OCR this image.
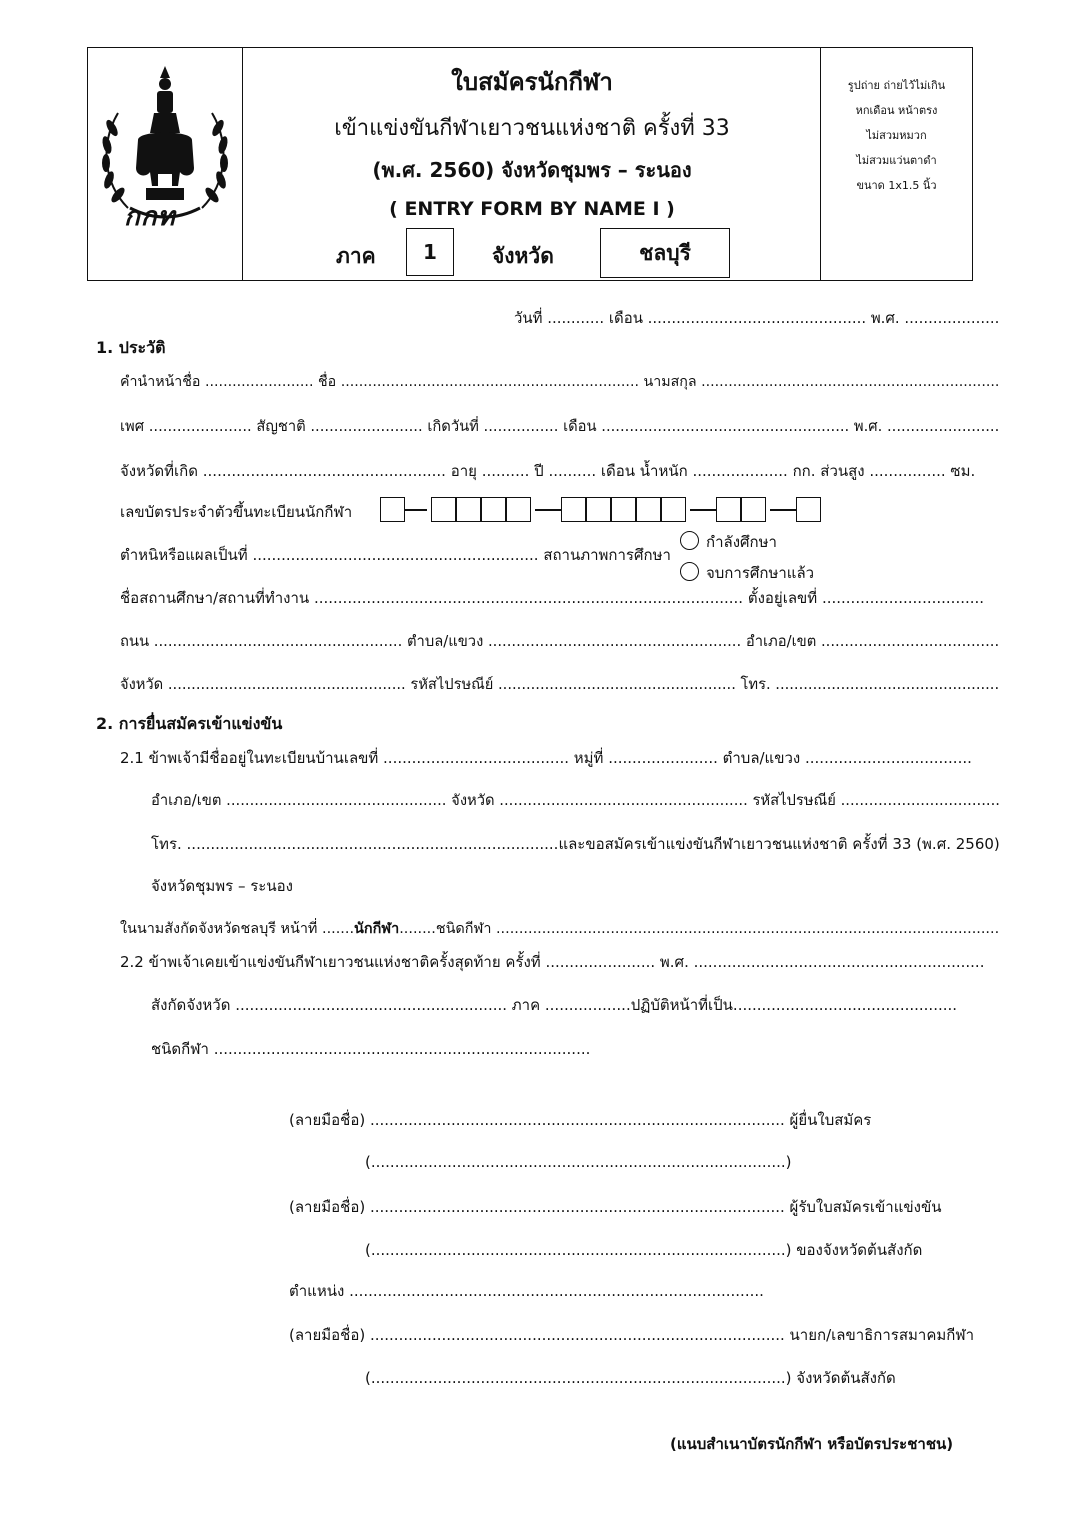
กกท
ใบสมัครนักกีฬา
เข้าแข่งขันกีฬาเยาวชนแห่งชาติ ครั้งที่ 33
(พ.ศ. 2560) จังหวัดชุมพร – ระนอง
( ENTRY FORM BY NAME I )
ภาค	1	จังหวัด	ชลบุรี
รูปถ่าย ถ่ายไว้ไม่เกิน
หกเดือน หน้าตรง
ไม่สวมหมวก
ไม่สวมแว่นตาดำ
ขนาด 1x1.5 นิ้ว
วันที่ ............ เดือน .............................................. พ.ศ. ....................
1. ประวัติ
คำนำหน้าชื่อ ........................ ชื่อ .................................................................. นามสกุล ..................................................................
เพศ ...................... สัญชาติ ........................ เกิดวันที่ ................ เดือน ..................................................... พ.ศ. ........................
จังหวัดที่เกิด ................................................... อายุ .......... ปี .......... เดือน น้ำหนัก .................... กก. ส่วนสูง ................ ซม.
เลขบัตรประจำตัวขึ้นทะเบียนนักกีฬา
ตำหนิหรือแผลเป็นที่ ............................................................ สถานภาพการศึกษา
กำลังศึกษา
จบการศึกษาแล้ว
ชื่อสถานศึกษา/สถานที่ทำงาน .......................................................................................... ตั้งอยู่เลขที่ ..................................
ถนน ..................................................... ตำบล/แขวง ...................................................... อำเภอ/เขต ......................................
จังหวัด ................................................... รหัสไปรษณีย์ ................................................... โทร. ................................................
2. การยื่นสมัครเข้าแข่งขัน
2.1 ข้าพเจ้ามีชื่ออยู่ในทะเบียนบ้านเลขที่ ....................................... หมู่ที่ ....................... ตำบล/แขวง ...................................
อำเภอ/เขต ............................................... จังหวัด ..................................................... รหัสไปรษณีย์ ..................................
โทร. ..............................................................................และขอสมัครเข้าแข่งขันกีฬาเยาวชนแห่งชาติ ครั้งที่ 33 (พ.ศ. 2560)
จังหวัดชุมพร – ระนอง
ในนามสังกัดจังหวัดชลบุรี หน้าที่ .......นักกีฬา........ชนิดกีฬา ..............................................................................................................
2.2 ข้าพเจ้าเคยเข้าแข่งขันกีฬาเยาวชนแห่งชาติครั้งสุดท้าย ครั้งที่ ....................... พ.ศ. .............................................................
สังกัดจังหวัด ......................................................... ภาค ..................ปฏิบัติหน้าที่เป็น...............................................
ชนิดกีฬา ...............................................................................
(ลายมือชื่อ) ....................................................................................... ผู้ยื่นใบสมัคร
(.......................................................................................)
(ลายมือชื่อ) ....................................................................................... ผู้รับใบสมัครเข้าแข่งขัน
(.......................................................................................) ของจังหวัดต้นสังกัด
ตำแหน่ง .......................................................................................
(ลายมือชื่อ) ....................................................................................... นายก/เลขาธิการสมาคมกีฬา
(.......................................................................................) จังหวัดต้นสังกัด
(แนบสำเนาบัตรนักกีฬา หรือบัตรประชาชน)
